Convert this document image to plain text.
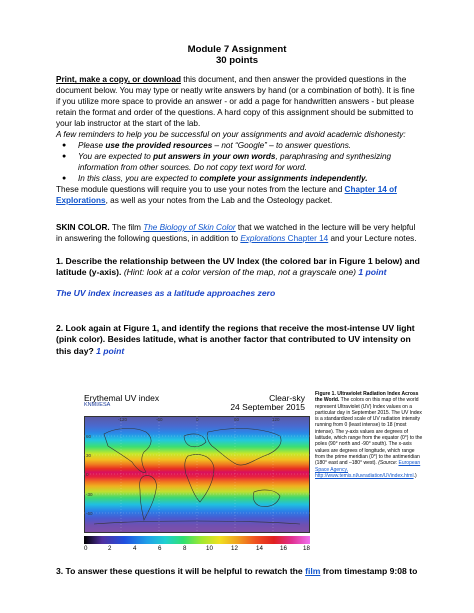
Module 7 Assignment
30 points
Print, make a copy, or download this document, and then answer the provided questions in the document below. You may type or neatly write answers by hand (or a combination of both). It is fine if you utilize more space to provide an answer - or add a page for handwritten answers - but please retain the format and order of the questions. A hard copy of this assignment should be submitted to your lab instructor at the start of the lab.
A few reminders to help you be successful on your assignments and avoid academic dishonesty:
● Please use the provided resources – not “Google” – to answer questions.
● You are expected to put answers in your own words, paraphrasing and synthesizing information from other sources. Do not copy text word for word.
● In this class, you are expected to complete your assignments independently.
These module questions will require you to use your notes from the lecture and Chapter 14 of Explorations, as well as your notes from the Lab and the Osteology packet.
SKIN COLOR. The film The Biology of Skin Color that we watched in the lecture will be very helpful in answering the following questions, in addition to Explorations Chapter 14 and your Lecture notes.
1. Describe the relationship between the UV Index (the colored bar in Figure 1 below) and latitude (y-axis). (Hint: look at a color version of the map, not a grayscale one) 1 point
The UV index increases as a latitude approaches zero
2. Look again at Figure 1, and identify the regions that receive the most-intense UV light (pink color). Besides latitude, what is another factor that contributed to UV intensity on this day? 1 point
Erythemal UV index
KNMI/ESA
Clear-sky
24 September 2015
-120	-60	0	60	120
60
30
0
-30
-60
0	2	4	6	8	10	12	14	16	18
Figure 1. Ultraviolet Radiation Index Across the World. The colors on this map of the world represent Ultraviolet (UV) Index values on a particular day in September 2015. The UV Index is a standardized scale of UV radiation intensity running from 0 (least intense) to 18 (most intense). The y-axis values are degrees of latitude, which range from the equator (0°) to the poles (90° north and -90° south). The x-axis values are degrees of longitude, which range from the prime meridian (0°) to the antimeridian (180° east and –180° west). (Source: European Space Agency, http://www.temis.nl/uvradiation/UVindex.html.)
3. To answer these questions it will be helpful to rewatch the film from timestamp 9:08 to
